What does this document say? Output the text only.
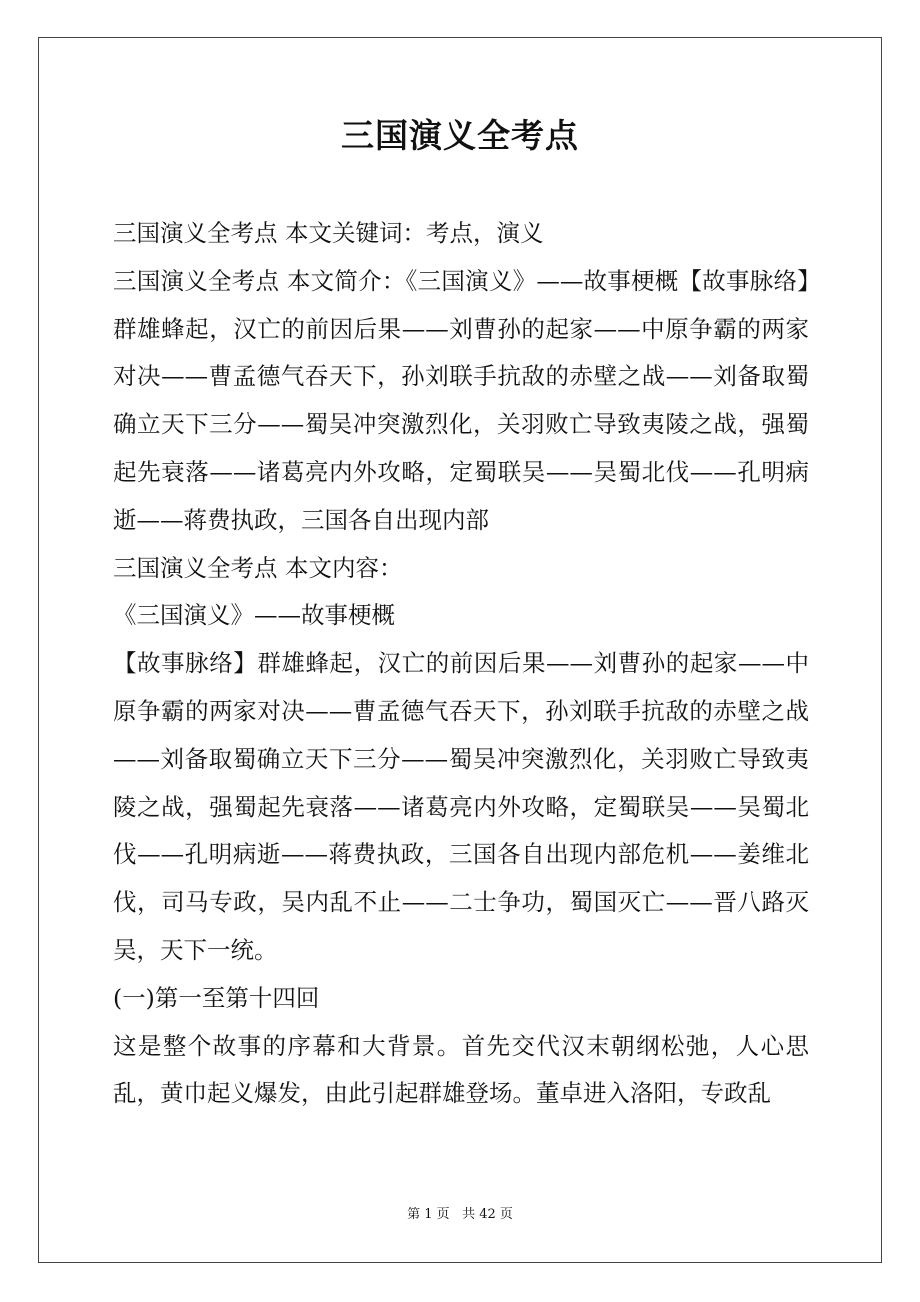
三国演义全考点

三国演义全考点 本文关键词：考点，演义

三国演义全考点 本文简介：《三国演义》——故事梗概【故事脉络】群雄蜂起，汉亡的前因后果——刘曹孙的起家——中原争霸的两家对决——曹孟德气吞天下，孙刘联手抗敌的赤壁之战——刘备取蜀确立天下三分——蜀吴冲突激烈化，关羽败亡导致夷陵之战，强蜀起先衰落——诸葛亮内外攻略，定蜀联吴——吴蜀北伐——孔明病逝——蒋费执政，三国各自出现内部

三国演义全考点 本文内容：

《三国演义》——故事梗概

【故事脉络】群雄蜂起，汉亡的前因后果——刘曹孙的起家——中原争霸的两家对决——曹孟德气吞天下，孙刘联手抗敌的赤壁之战——刘备取蜀确立天下三分——蜀吴冲突激烈化，关羽败亡导致夷陵之战，强蜀起先衰落——诸葛亮内外攻略，定蜀联吴——吴蜀北伐——孔明病逝——蒋费执政，三国各自出现内部危机——姜维北伐，司马专政，吴内乱不止——二士争功，蜀国灭亡——晋八路灭吴，天下一统。

(一)第一至第十四回

这是整个故事的序幕和大背景。首先交代汉末朝纲松弛，人心思乱，黄巾起义爆发，由此引起群雄登场。董卓进入洛阳，专政乱

第 1 页 共 42 页
